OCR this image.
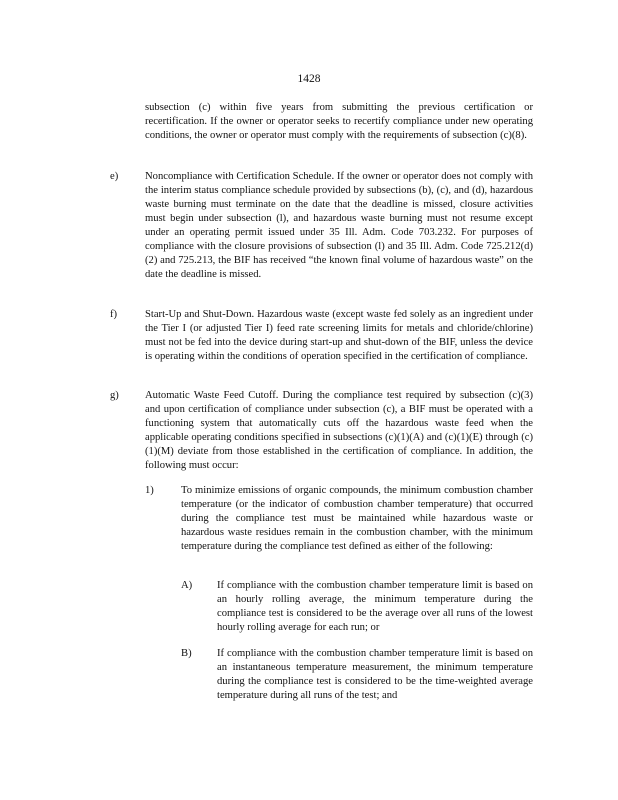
1428
subsection (c) within five years from submitting the previous certification or recertification. If the owner or operator seeks to recertify compliance under new operating conditions, the owner or operator must comply with the requirements of subsection (c)(8).
e)	Noncompliance with Certification Schedule. If the owner or operator does not comply with the interim status compliance schedule provided by subsections (b), (c), and (d), hazardous waste burning must terminate on the date that the deadline is missed, closure activities must begin under subsection (l), and hazardous waste burning must not resume except under an operating permit issued under 35 Ill. Adm. Code 703.232. For purposes of compliance with the closure provisions of subsection (l) and 35 Ill. Adm. Code 725.212(d)(2) and 725.213, the BIF has received “the known final volume of hazardous waste” on the date the deadline is missed.
f)	Start-Up and Shut-Down. Hazardous waste (except waste fed solely as an ingredient under the Tier I (or adjusted Tier I) feed rate screening limits for metals and chloride/chlorine) must not be fed into the device during start-up and shut-down of the BIF, unless the device is operating within the conditions of operation specified in the certification of compliance.
g) Automatic Waste Feed Cutoff. During the compliance test required by subsection (c)(3) and upon certification of compliance under subsection (c), a BIF must be operated with a functioning system that automatically cuts off the hazardous waste feed when the applicable operating conditions specified in subsections (c)(1)(A) and (c)(1)(E) through (c)(1)(M) deviate from those established in the certification of compliance. In addition, the following must occur:
1)	To minimize emissions of organic compounds, the minimum combustion chamber temperature (or the indicator of combustion chamber temperature) that occurred during the compliance test must be maintained while hazardous waste or hazardous waste residues remain in the combustion chamber, with the minimum temperature during the compliance test defined as either of the following:
A) If compliance with the combustion chamber temperature limit is based on an hourly rolling average, the minimum temperature during the compliance test is considered to be the average over all runs of the lowest hourly rolling average for each run; or
B) If compliance with the combustion chamber temperature limit is based on an instantaneous temperature measurement, the minimum temperature during the compliance test is considered to be the time-weighted average temperature during all runs of the test; and
